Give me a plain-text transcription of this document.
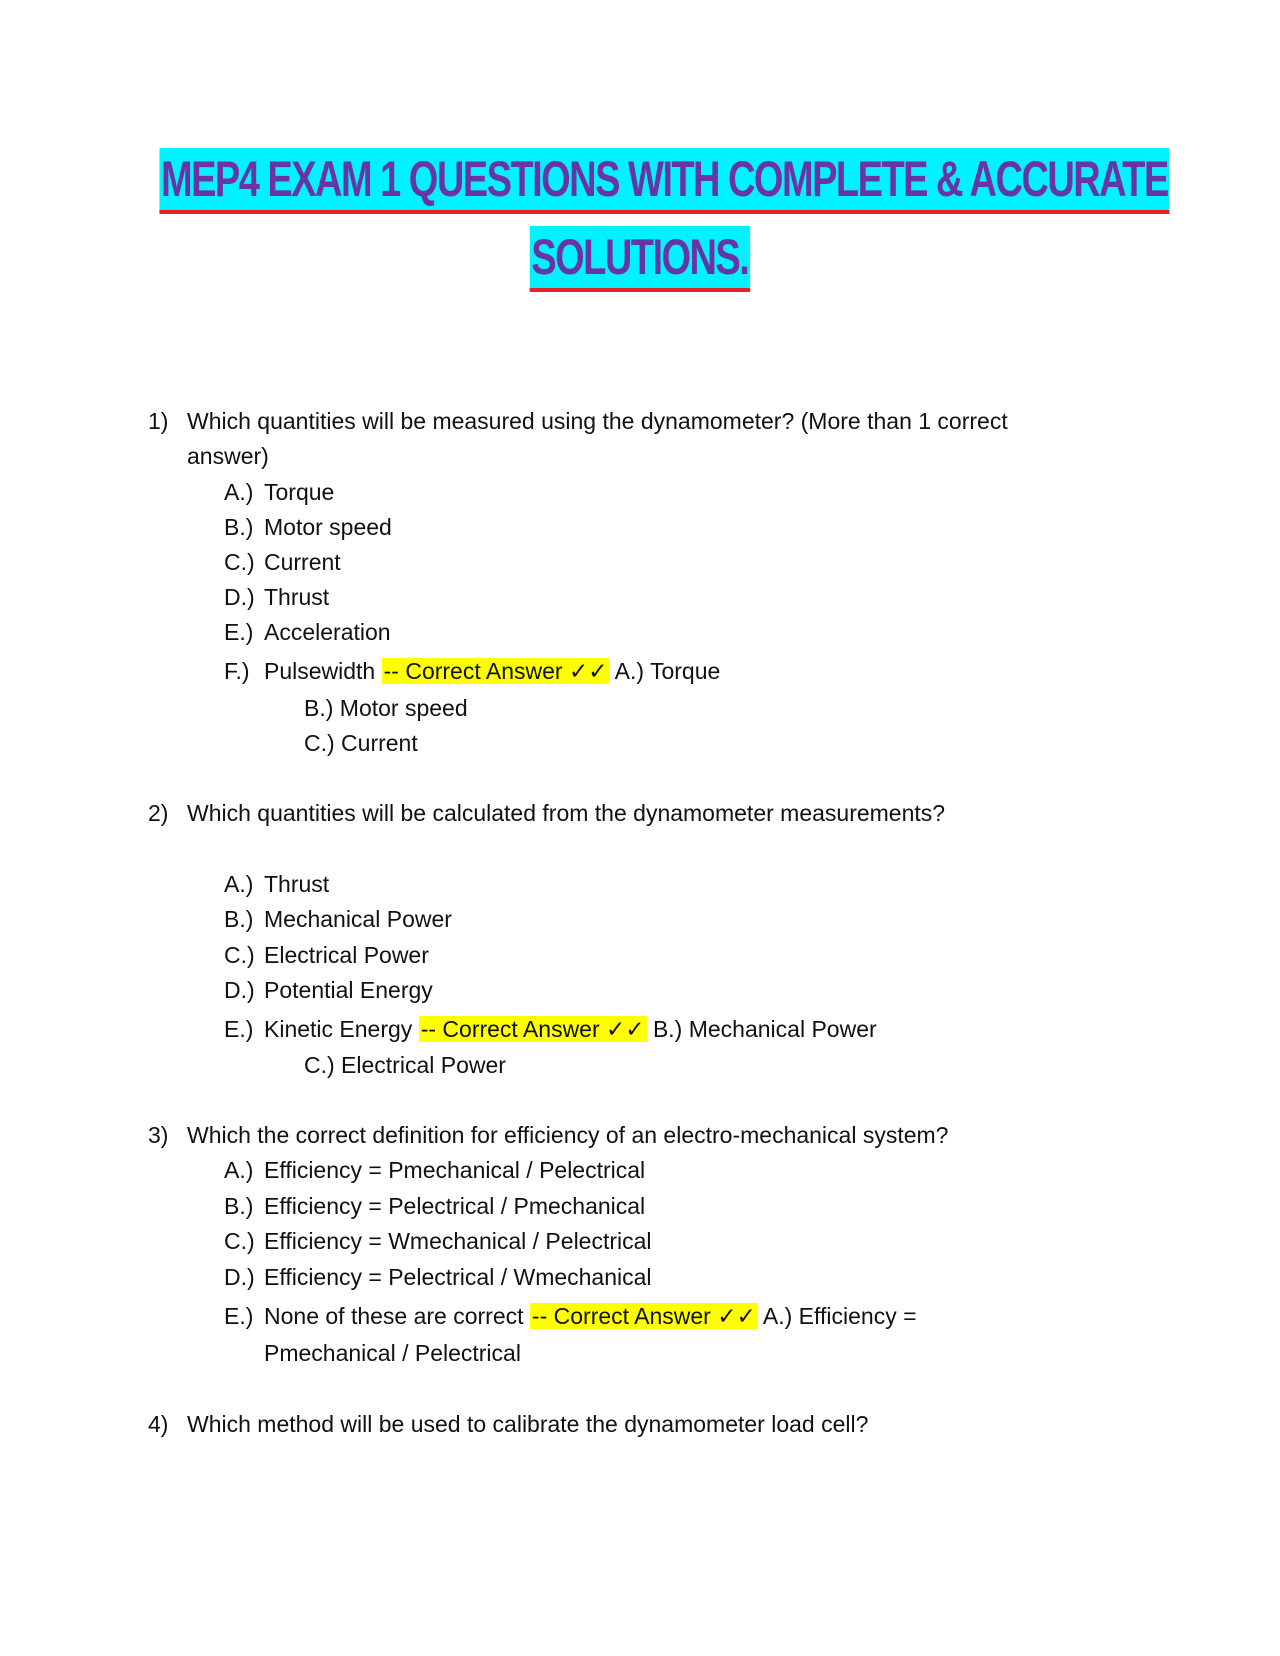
MEP4 EXAM 1 QUESTIONS WITH COMPLETE & ACCURATE
SOLUTIONS.
1) Which quantities will be measured using the dynamometer? (More than 1 correct
answer)
A.) Torque
B.) Motor speed
C.) Current
D.) Thrust
E.) Acceleration
F.) Pulsewidth -- Correct Answer ✓✓ A.) Torque
B.) Motor speed
C.) Current
2) Which quantities will be calculated from the dynamometer measurements?
A.) Thrust
B.) Mechanical Power
C.) Electrical Power
D.) Potential Energy
E.) Kinetic Energy -- Correct Answer ✓✓ B.) Mechanical Power
C.) Electrical Power
3) Which the correct definition for efficiency of an electro-mechanical system?
A.) Efficiency = Pmechanical / Pelectrical
B.) Efficiency = Pelectrical / Pmechanical
C.) Efficiency = Wmechanical / Pelectrical
D.) Efficiency = Pelectrical / Wmechanical
E.) None of these are correct -- Correct Answer ✓✓ A.) Efficiency =
Pmechanical / Pelectrical
4) Which method will be used to calibrate the dynamometer load cell?
